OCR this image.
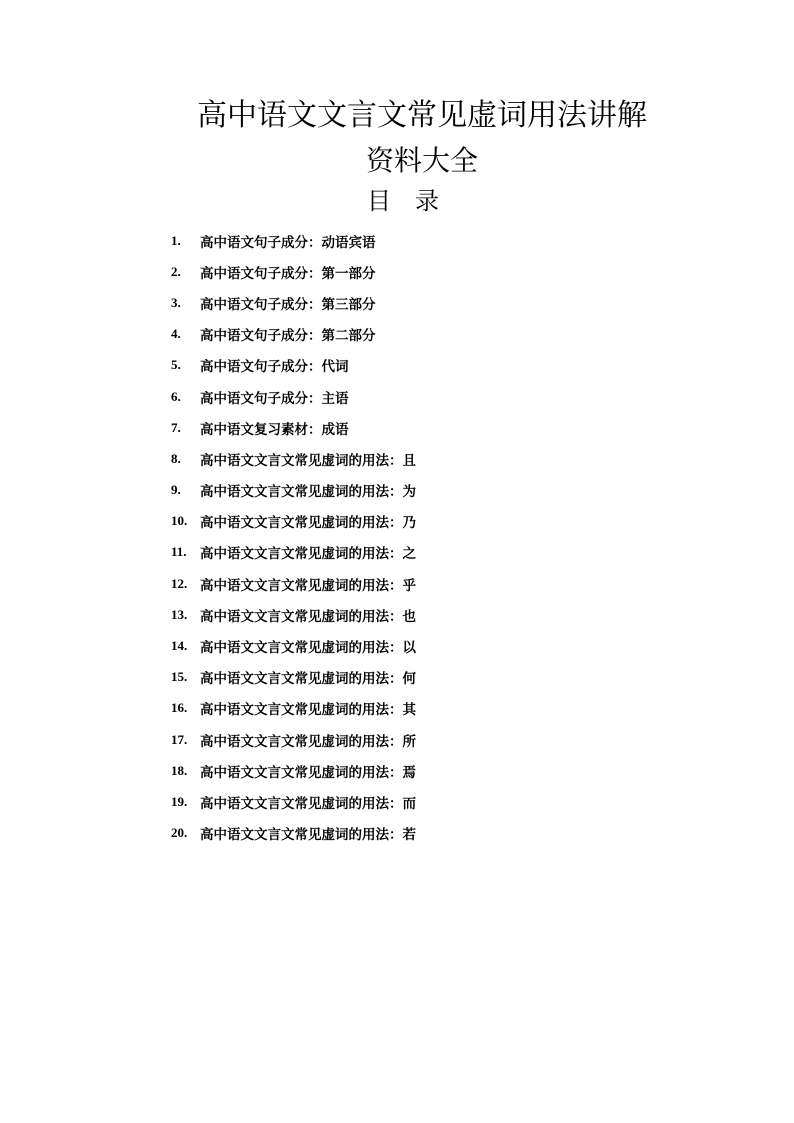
高中语文文言文常见虚词用法讲解
资料大全
目录
1.	高中语文句子成分：动语宾语
2.	高中语文句子成分：第一部分
3.	高中语文句子成分：第三部分
4.	高中语文句子成分：第二部分
5.	高中语文句子成分：代词
6.	高中语文句子成分：主语
7.	高中语文复习素材：成语
8.	高中语文文言文常见虚词的用法：且
9.	高中语文文言文常见虚词的用法：为
10. 高中语文文言文常见虚词的用法：乃
11. 高中语文文言文常见虚词的用法：之
12. 高中语文文言文常见虚词的用法：乎
13. 高中语文文言文常见虚词的用法：也
14. 高中语文文言文常见虚词的用法：以
15. 高中语文文言文常见虚词的用法：何
16. 高中语文文言文常见虚词的用法：其
17. 高中语文文言文常见虚词的用法：所
18. 高中语文文言文常见虚词的用法：焉
19. 高中语文文言文常见虚词的用法：而
20. 高中语文文言文常见虚词的用法：若
